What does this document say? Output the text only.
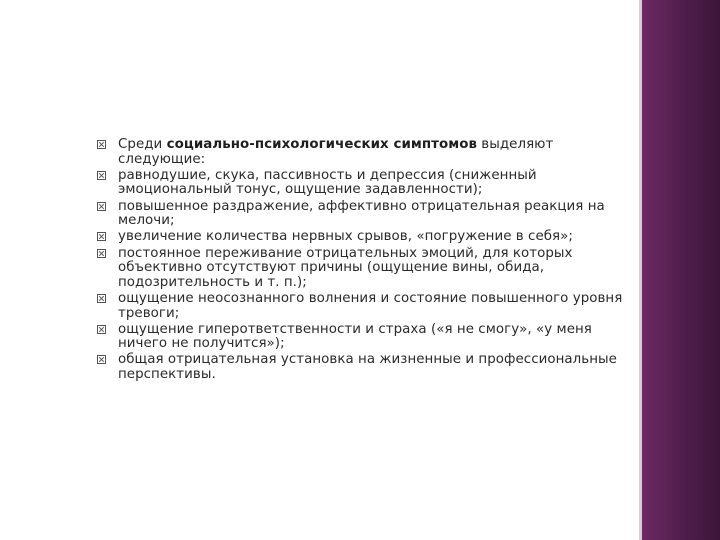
Среди социально-психологических симптомов выделяют следующие:
равнодушие, скука, пассивность и депрессия (сниженный эмоциональный тонус, ощущение задавленности);
повышенное раздражение, аффективно отрицательная реакция на мелочи;
увеличение количества нервных срывов, «погружение в себя»;
постоянное переживание отрицательных эмоций, для которых объективно отсутствуют причины (ощущение вины, обида, подозрительность и т. п.);
ощущение неосознанного волнения и состояние повышенного уровня тревоги;
ощущение гиперответственности и страха («я не смогу», «у меня ничего не получится»);
общая отрицательная установка на жизненные и профессиональные перспективы.
